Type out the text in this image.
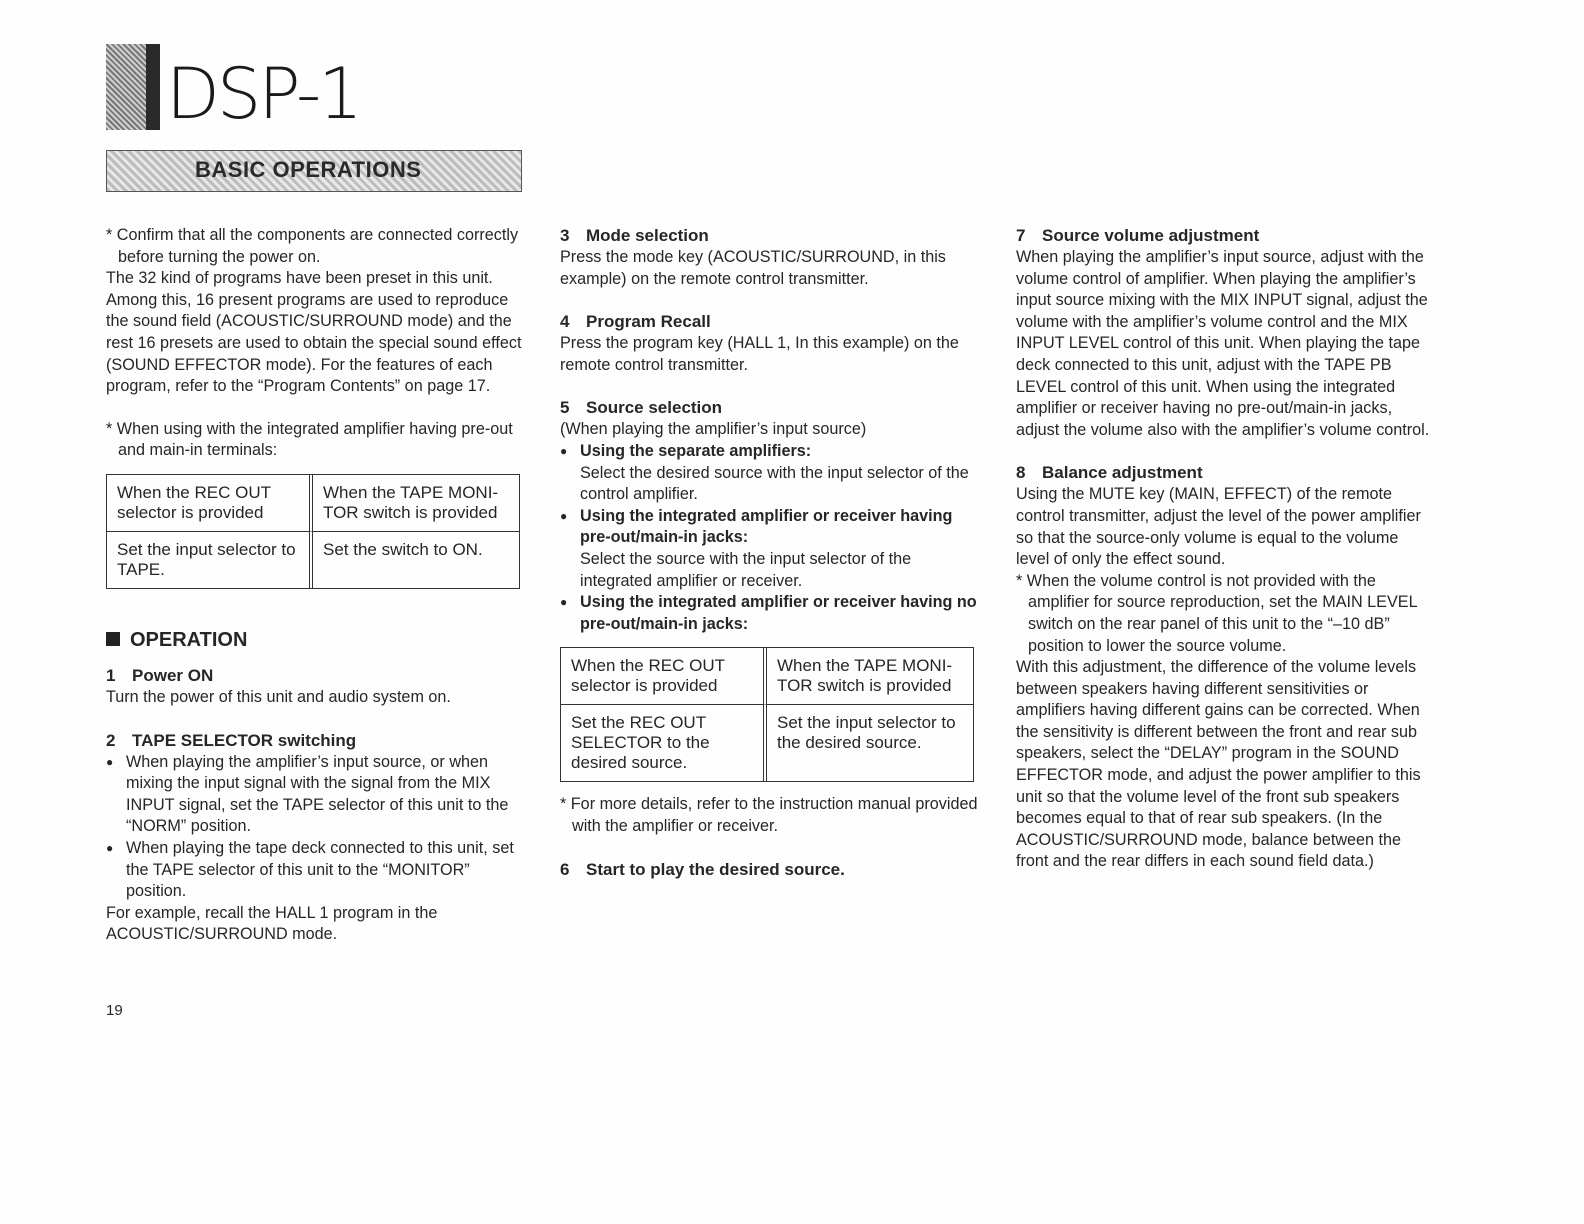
DSP-1
BASIC OPERATIONS

* Confirm that all the components are connected correctly before turning the power on.

The 32 kind of programs have been preset in this unit. Among this, 16 present programs are used to reproduce the sound field (ACOUSTIC/SURROUND mode) and the rest 16 presets are used to obtain the special sound effect (SOUND EFFECTOR mode). For the features of each program, refer to the “Program Contents” on page 17.

* When using with the integrated amplifier having pre-out and main-in terminals:

When the REC OUT selector is provided	When the TAPE MONI-TOR switch is provided
Set the input selector to TAPE.	Set the switch to ON.
OPERATION

1 Power ON

Turn the power of this unit and audio system on.

2 TAPE SELECTOR switching

● When playing the amplifier’s input source, or when mixing the input signal with the signal from the MIX INPUT signal, set the TAPE selector of this unit to the “NORM” position.

● When playing the tape deck connected to this unit, set the TAPE selector of this unit to the “MONITOR” position.

For example, recall the HALL 1 program in the ACOUSTIC/SURROUND mode.

3 Mode selection

Press the mode key (ACOUSTIC/SURROUND, in this example) on the remote control transmitter.

4 Program Recall

Press the program key (HALL 1, In this example) on the remote control transmitter.

5 Source selection

(When playing the amplifier’s input source)

● Using the separate amplifiers:

Select the desired source with the input selector of the control amplifier.

● Using the integrated amplifier or receiver having pre-out/main-in jacks:

Select the source with the input selector of the integrated amplifier or receiver.

● Using the integrated amplifier or receiver having no pre-out/main-in jacks:

When the REC OUT selector is provided	When the TAPE MONI-TOR switch is provided
Set the REC OUT SELECTOR to the desired source.	Set the input selector to the desired source.

* For more details, refer to the instruction manual provided with the amplifier or receiver.

6 Start to play the desired source.

7 Source volume adjustment

When playing the amplifier’s input source, adjust with the volume control of amplifier. When playing the amplifier’s input source mixing with the MIX INPUT signal, adjust the volume with the amplifier’s volume control and the MIX INPUT LEVEL control of this unit. When playing the tape deck connected to this unit, adjust with the TAPE PB LEVEL control of this unit. When using the integrated amplifier or receiver having no pre-out/main-in jacks, adjust the volume also with the amplifier’s volume control.

8 Balance adjustment

Using the MUTE key (MAIN, EFFECT) of the remote control transmitter, adjust the level of the power amplifier so that the source-only volume is equal to the volume level of only the effect sound.

* When the volume control is not provided with the amplifier for source reproduction, set the MAIN LEVEL switch on the rear panel of this unit to the “–10 dB” position to lower the source volume.

With this adjustment, the difference of the volume levels between speakers having different sensitivities or amplifiers having different gains can be corrected. When the sensitivity is different between the front and rear sub speakers, select the “DELAY” program in the SOUND EFFECTOR mode, and adjust the power amplifier to this unit so that the volume level of the front sub speakers becomes equal to that of rear sub speakers. (In the ACOUSTIC/SURROUND mode, balance between the front and the rear differs in each sound field data.)

19
